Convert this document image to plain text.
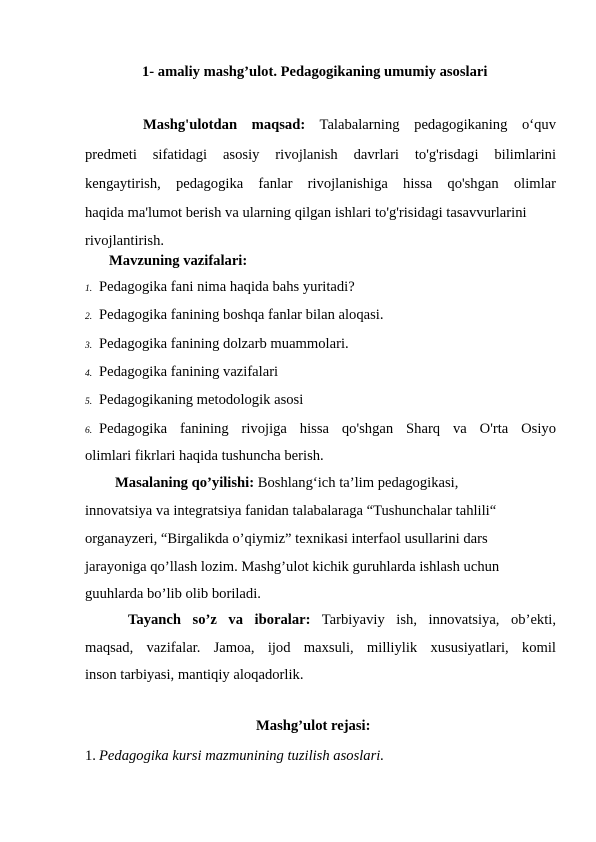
1- amaliy mashg’ulot. Pedagogikaning umumiy asoslari
Mashg'ulotdan maqsad: Talabalarning pedagogikaning o‘quv
predmeti sifatidagi asosiy rivojlanish davrlari to'g'risdagi bilimlarini
kengaytirish, pedagogika fanlar rivojlanishiga hissa qo'shgan olimlar
haqida ma'lumot berish va ularning qilgan ishlari to'g'risidagi tasavvurlarini
rivojlantirish.
Mavzuning vazifalari:
1. Pedagogika fani nima haqida bahs yuritadi?
2. Pedagogika fanining boshqa fanlar bilan aloqasi.
3. Pedagogika fanining dolzarb muammolari.
4. Pedagogika fanining vazifalari
5. Pedagogikaning metodologik asosi
6. Pedagogika fanining rivojiga hissa qo'shgan Sharq va O'rta Osiyo
olimlari fikrlari haqida tushuncha berish.
Masalaning qo’yilishi: Boshlang‘ich ta’lim pedagogikasi,
innovatsiya va integratsiya fanidan talabalaraga “Tushunchalar tahlili“
organayzeri, “Birgalikda o’qiymiz” texnikasi interfaol usullarini dars
jarayoniga qo’llash lozim. Mashg’ulot kichik guruhlarda ishlash uchun
guuhlarda bo’lib olib boriladi.
Tayanch so’z va iboralar: Tarbiyaviy ish, innovatsiya, ob’ekti,
maqsad, vazifalar. Jamoa, ijod maxsuli, milliylik xususiyatlari, komil
inson tarbiyasi, mantiqiy aloqadorlik.
Mashg’ulot rejasi:
1. Pedagogika kursi mazmunining tuzilish asoslari.
